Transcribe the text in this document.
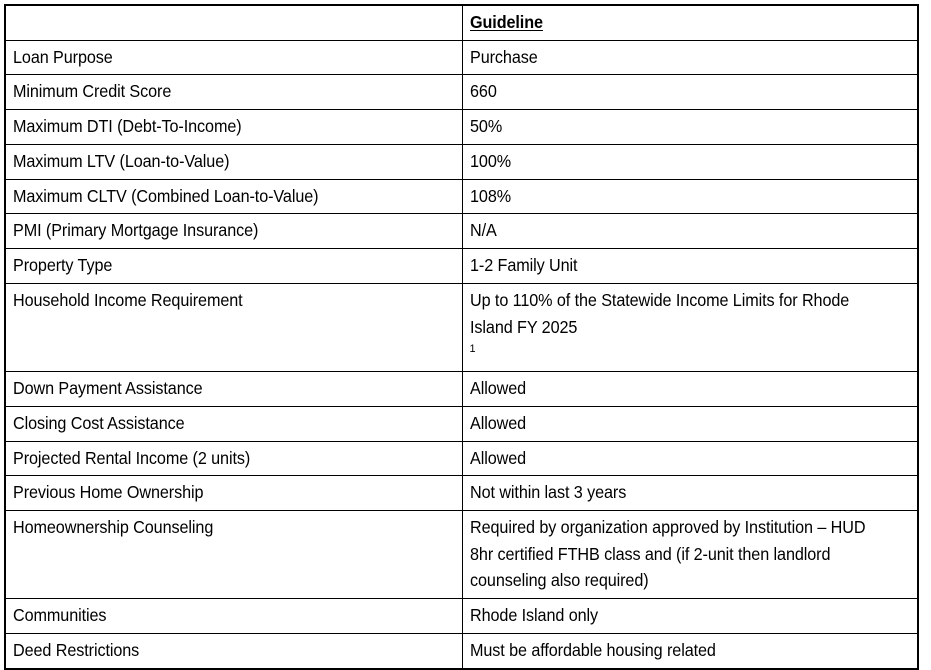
	Guideline

Loan Purpose	Purchase

Minimum Credit Score	660

Maximum DTI (Debt-To-Income)	50%

Maximum LTV (Loan-to-Value)	100%

Maximum CLTV (Combined Loan-to-Value)	108%

PMI (Primary Mortgage Insurance)	N/A

Property Type	1-2 Family Unit

Household Income Requirement	Up to 110% of the Statewide Income Limits for Rhode Island FY 2025
$^1$

Down Payment Assistance	Allowed

Closing Cost Assistance	Allowed

Projected Rental Income (2 units)	Allowed

Previous Home Ownership	Not within last 3 years

Homeownership Counseling	Required by organization approved by Institution – HUD 8hr certified FTHB class and (if 2-unit then landlord counseling also required)

Communities	Rhode Island only

Deed Restrictions	Must be affordable housing related
